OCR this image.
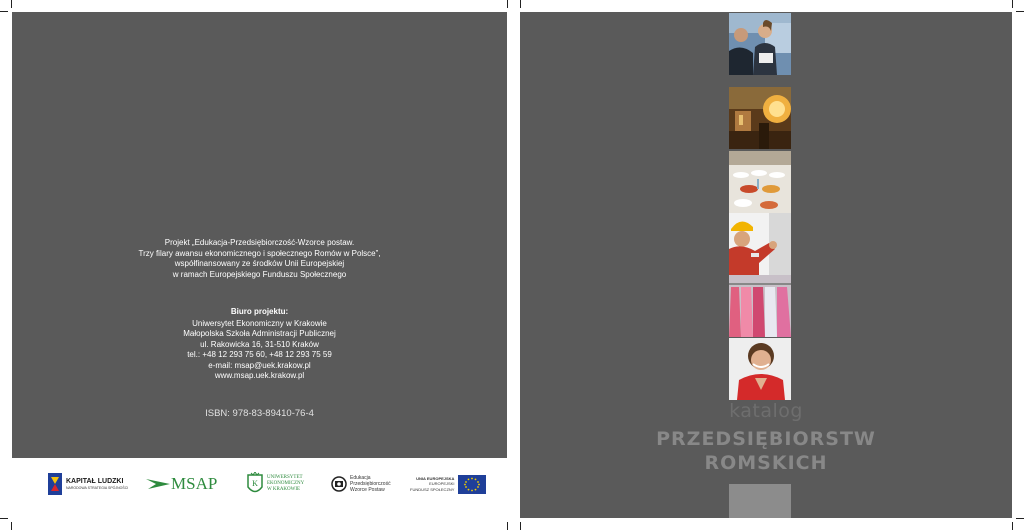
Projekt „Edukacja-Przedsiębiorczość-Wzorce postaw.
Trzy filary awansu ekonomicznego i społecznego Romów w Polsce”,
współfinansowany ze środków Unii Europejskiej
w ramach Europejskiego Funduszu Społecznego
Biuro projektu:
Uniwersytet Ekonomiczny w Krakowie
Małopolska Szkoła Administracji Publicznej
ul. Rakowicka 16, 31-510 Kraków
tel.: +48 12 293 75 60, +48 12 293 75 59
e-mail: msap@uek.krakow.pl
www.msap.uek.krakow.pl
ISBN: 978-83-89410-76-4
KAPITAŁ LUDZKI
NARODOWA STRATEGIA SPÓJNOŚCI	MSAP	K
UNIWERSYTET
EKONOMICZNY
W KRAKOWIE
Edukacja
Przedsiębiorczość
Wzorce Postaw
UNIA EUROPEJSKA
EUROPEJSKI
FUNDUSZ SPOŁECZNY
katalog
PRZEDSIĘBIORSTW
ROMSKICH
